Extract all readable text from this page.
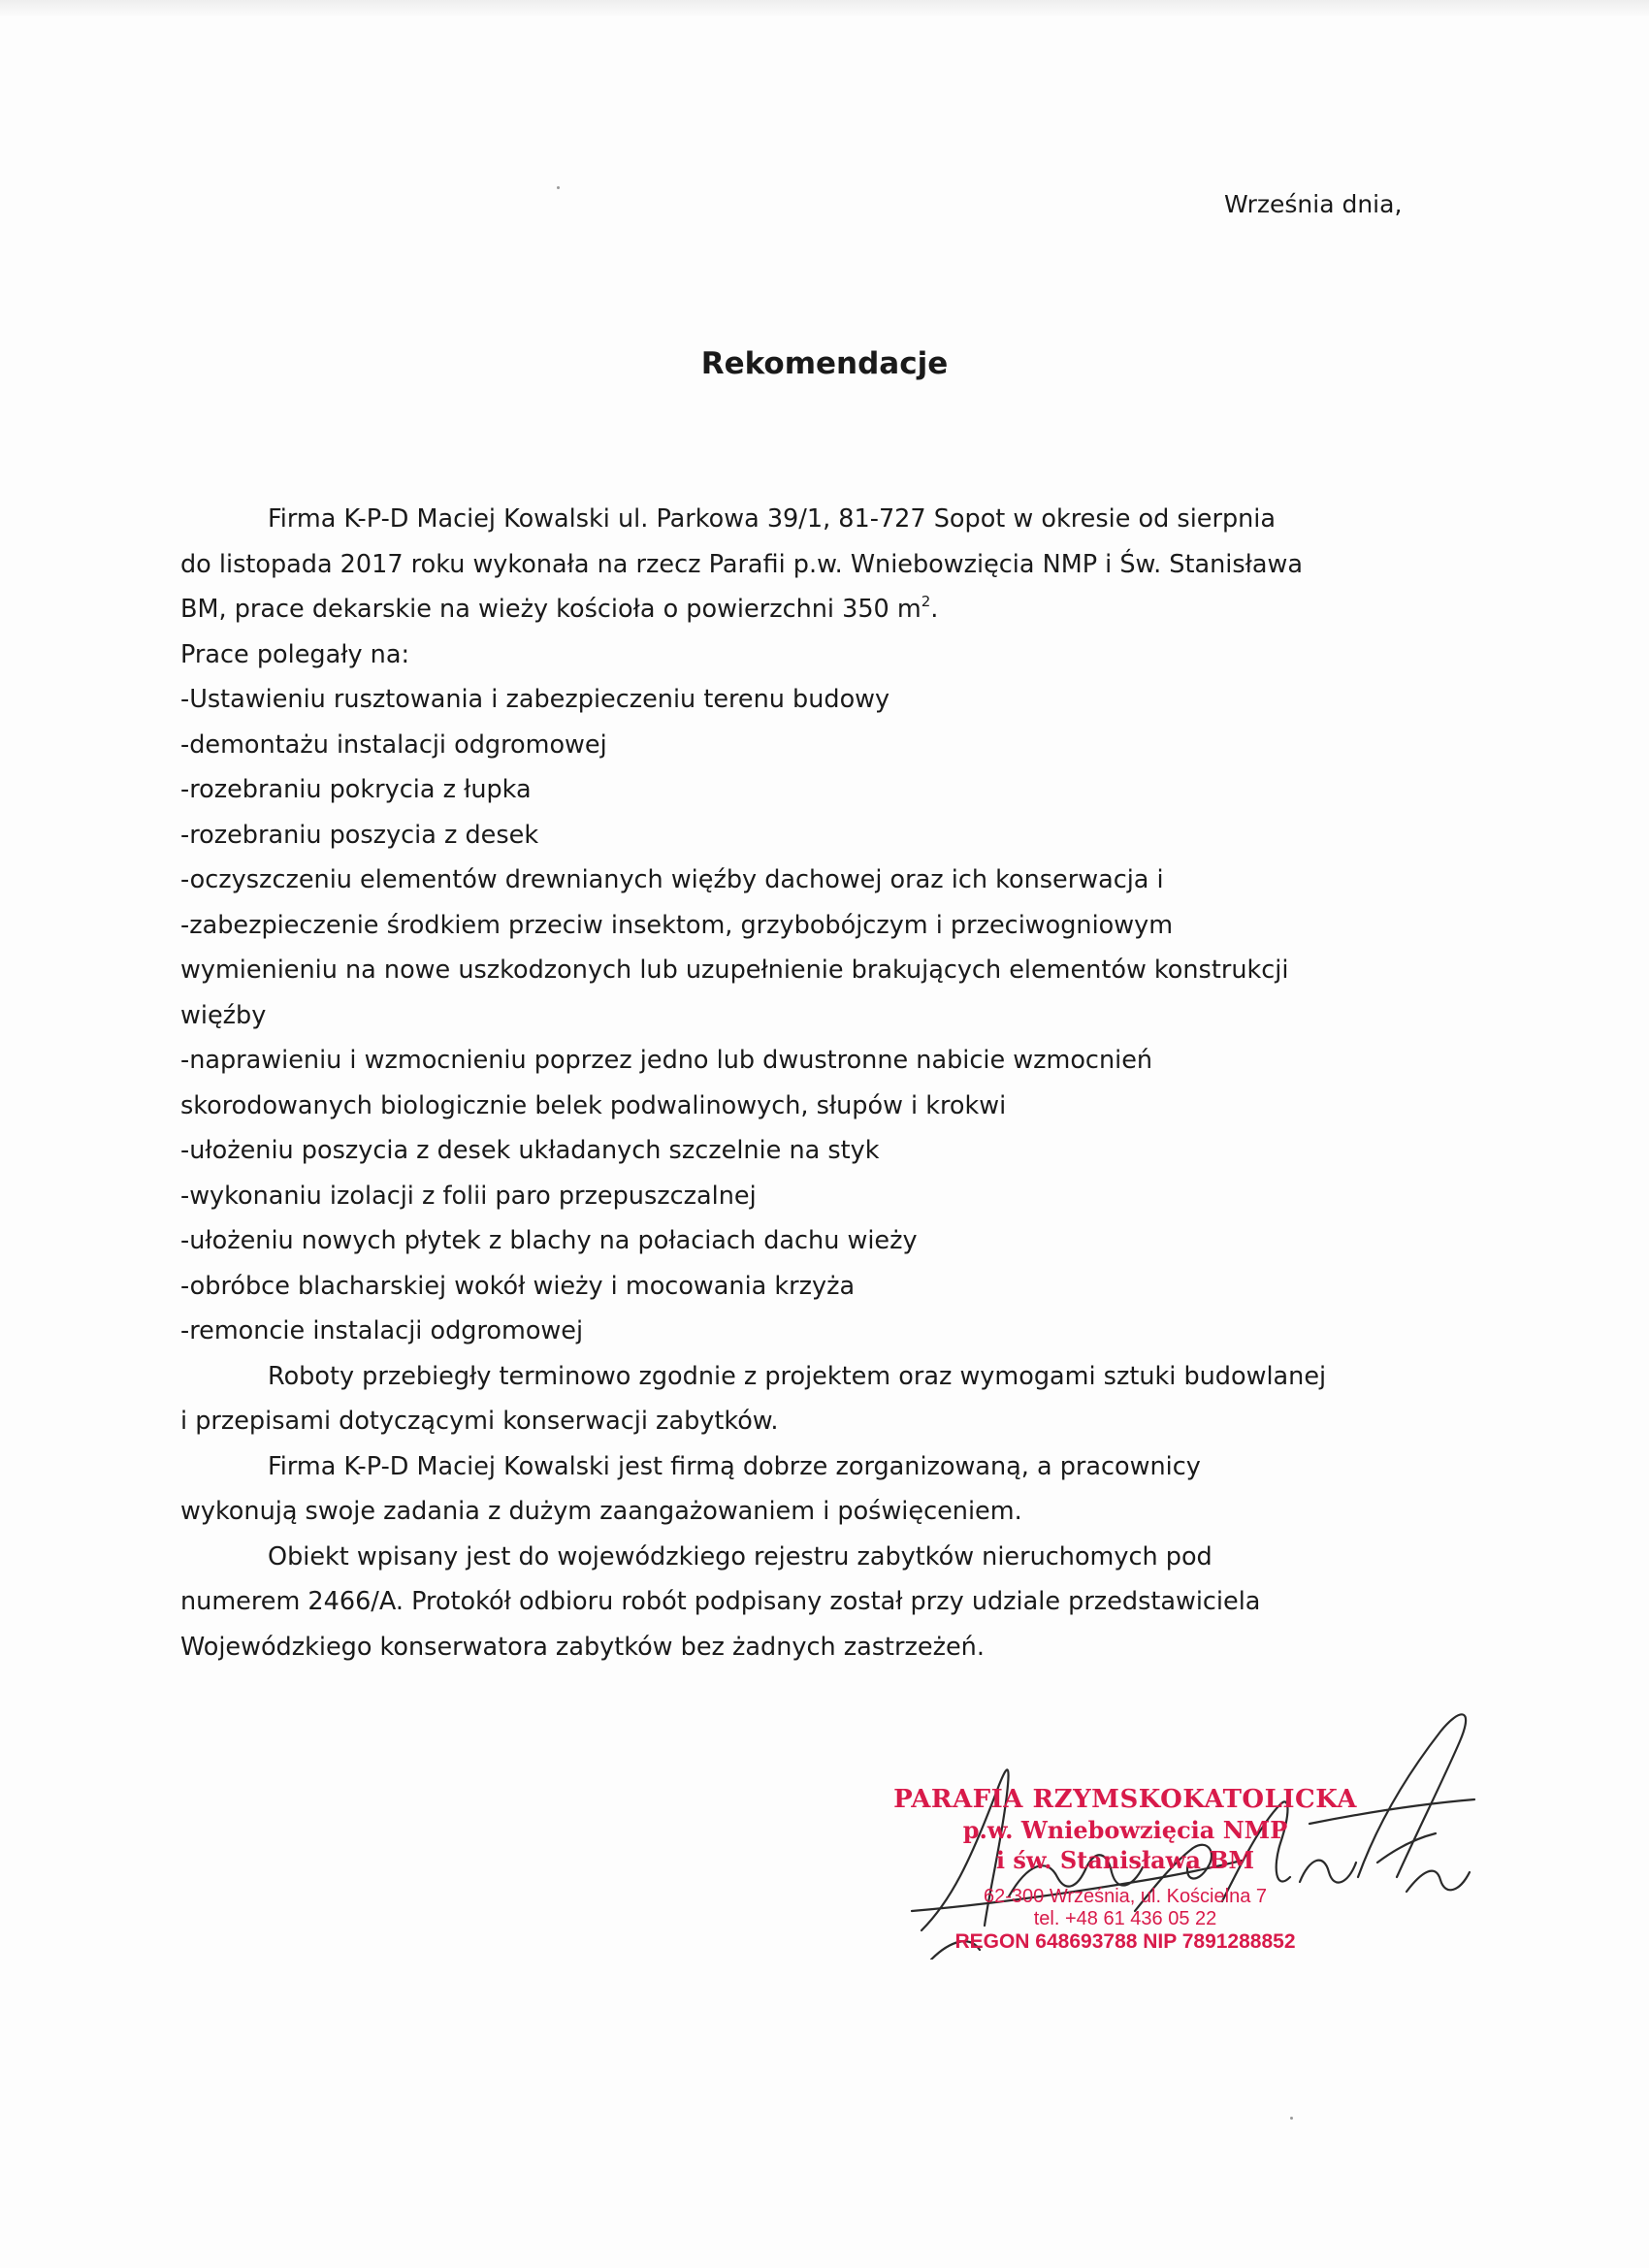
Września dnia,
Rekomendacje
Firma K-P-D Maciej Kowalski ul. Parkowa 39/1, 81-727 Sopot w okresie od sierpnia
do listopada 2017 roku wykonała na rzecz Parafii p.w. Wniebowzięcia NMP i Św. Stanisława
BM, prace dekarskie na wieży kościoła o powierzchni 350 $m^2$.
Prace polegały na:
-Ustawieniu rusztowania i zabezpieczeniu terenu budowy
-demontażu instalacji odgromowej
-rozebraniu pokrycia z łupka
-rozebraniu poszycia z desek
-oczyszczeniu elementów drewnianych więźby dachowej oraz ich konserwacja i
-zabezpieczenie środkiem przeciw insektom, grzybobójczym i przeciwogniowym
wymienieniu na nowe uszkodzonych lub uzupełnienie brakujących elementów konstrukcji
więźby
-naprawieniu i wzmocnieniu poprzez jedno lub dwustronne nabicie wzmocnień
skorodowanych biologicznie belek podwalinowych, słupów i krokwi
-ułożeniu poszycia z desek układanych szczelnie na styk
-wykonaniu izolacji z folii paro przepuszczalnej
-ułożeniu nowych płytek z blachy na połaciach dachu wieży
-obróbce blacharskiej wokół wieży i mocowania krzyża
-remoncie instalacji odgromowej
Roboty przebiegły terminowo zgodnie z projektem oraz wymogami sztuki budowlanej
i przepisami dotyczącymi konserwacji zabytków.
Firma K-P-D Maciej Kowalski jest firmą dobrze zorganizowaną, a pracownicy
wykonują swoje zadania z dużym zaangażowaniem i poświęceniem.
Obiekt wpisany jest do wojewódzkiego rejestru zabytków nieruchomych pod
numerem 2466/A. Protokół odbioru robót podpisany został przy udziale przedstawiciela
Wojewódzkiego konserwatora zabytków bez żadnych zastrzeżeń.
PARAFIA RZYMSKOKATOLICKA
p.w. Wniebowzięcia NMP
i św. Stanisława BM
62-300 Września, ul. Kościelna 7
tel. +48 61 436 05 22
REGON 648693788 NIP 7891288852
